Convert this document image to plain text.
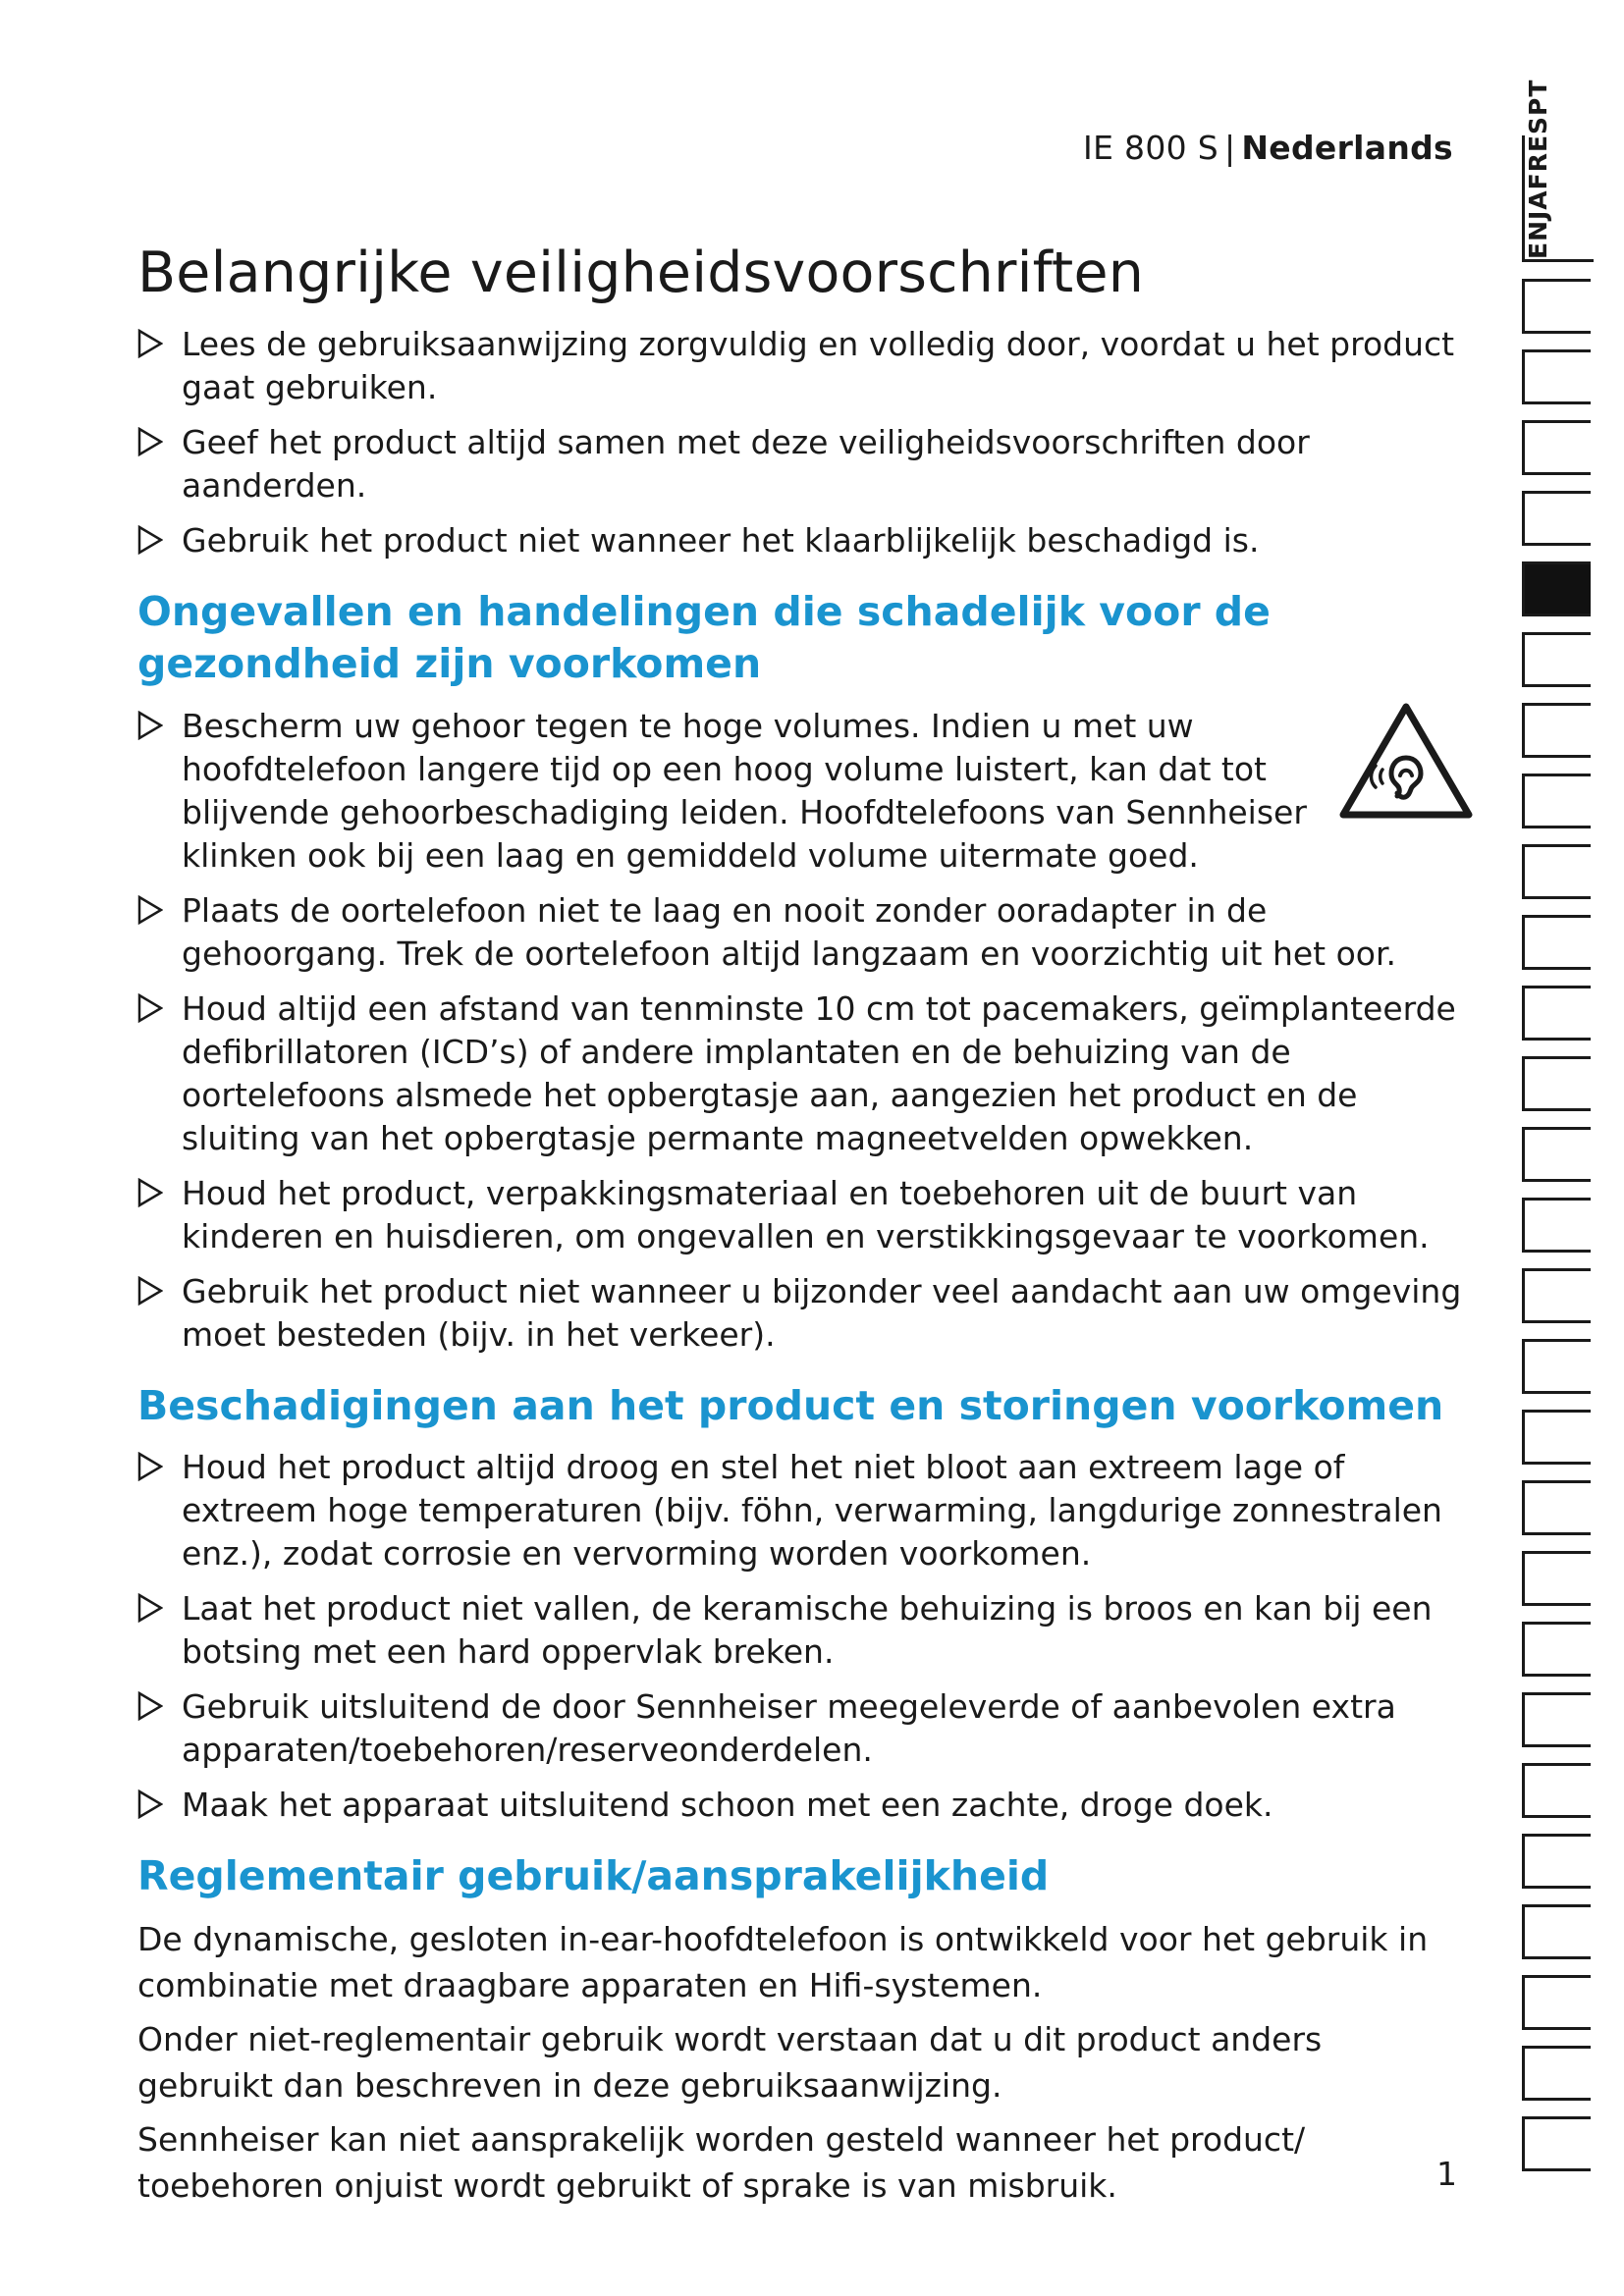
IE 800 S | Nederlands	ENJAFRESPT
Belangrijke veiligheidsvoorschriften
Lees de gebruiksaanwijzing zorgvuldig en volledig door, voordat u het product gaat gebruiken.
Geef het product altijd samen met deze veiligheidsvoorschriften door aanderden.
Gebruik het product niet wanneer het klaarblijkelijk beschadigd is.
Ongevallen en handelingen die schadelijk voor de gezondheid zijn voorkomen
Bescherm uw gehoor tegen te hoge volumes. Indien u met uw hoofdtelefoon langere tijd op een hoog volume luistert, kan dat tot blijvende gehoorbeschadiging leiden. Hoofdtelefoons van Sennheiser klinken ook bij een laag en gemiddeld volume uitermate goed.
Plaats de oortelefoon niet te laag en nooit zonder ooradapter in de gehoorgang. Trek de oortelefoon altijd langzaam en voorzichtig uit het oor.
Houd altijd een afstand van tenminste 10 cm tot pacemakers, geïmplanteerde defibrillatoren (ICD’s) of andere implantaten en de behuizing van de oortelefoons alsmede het opbergtasje aan, aangezien het product en de sluiting van het opbergtasje permante magneetvelden opwekken.
Houd het product, verpakkingsmateriaal en toebehoren uit de buurt van kinderen en huisdieren, om ongevallen en verstikkingsgevaar te voorkomen.
Gebruik het product niet wanneer u bijzonder veel aandacht aan uw omgeving moet besteden (bijv. in het verkeer).
Beschadigingen aan het product en storingen voorkomen
Houd het product altijd droog en stel het niet bloot aan extreem lage of extreem hoge temperaturen (bijv. föhn, verwarming, langdurige zonnestralen enz.), zodat corrosie en vervorming worden voorkomen.
Laat het product niet vallen, de keramische behuizing is broos en kan bij een botsing met een hard oppervlak breken.
Gebruik uitsluitend de door Sennheiser meegeleverde of aanbevolen extra apparaten/toebehoren/reserveonderdelen.
Maak het apparaat uitsluitend schoon met een zachte, droge doek.
Reglementair gebruik/aansprakelijkheid

De dynamische, gesloten in-ear-hoofdtelefoon is ontwikkeld voor het gebruik in combinatie met draagbare apparaten en Hifi-systemen.

Onder niet-reglementair gebruik wordt verstaan dat u dit product anders gebruikt dan beschreven in deze gebruiksaanwijzing.

Sennheiser kan niet aansprakelijk worden gesteld wanneer het product/ toebehoren onjuist wordt gebruikt of sprake is van misbruik.	1
